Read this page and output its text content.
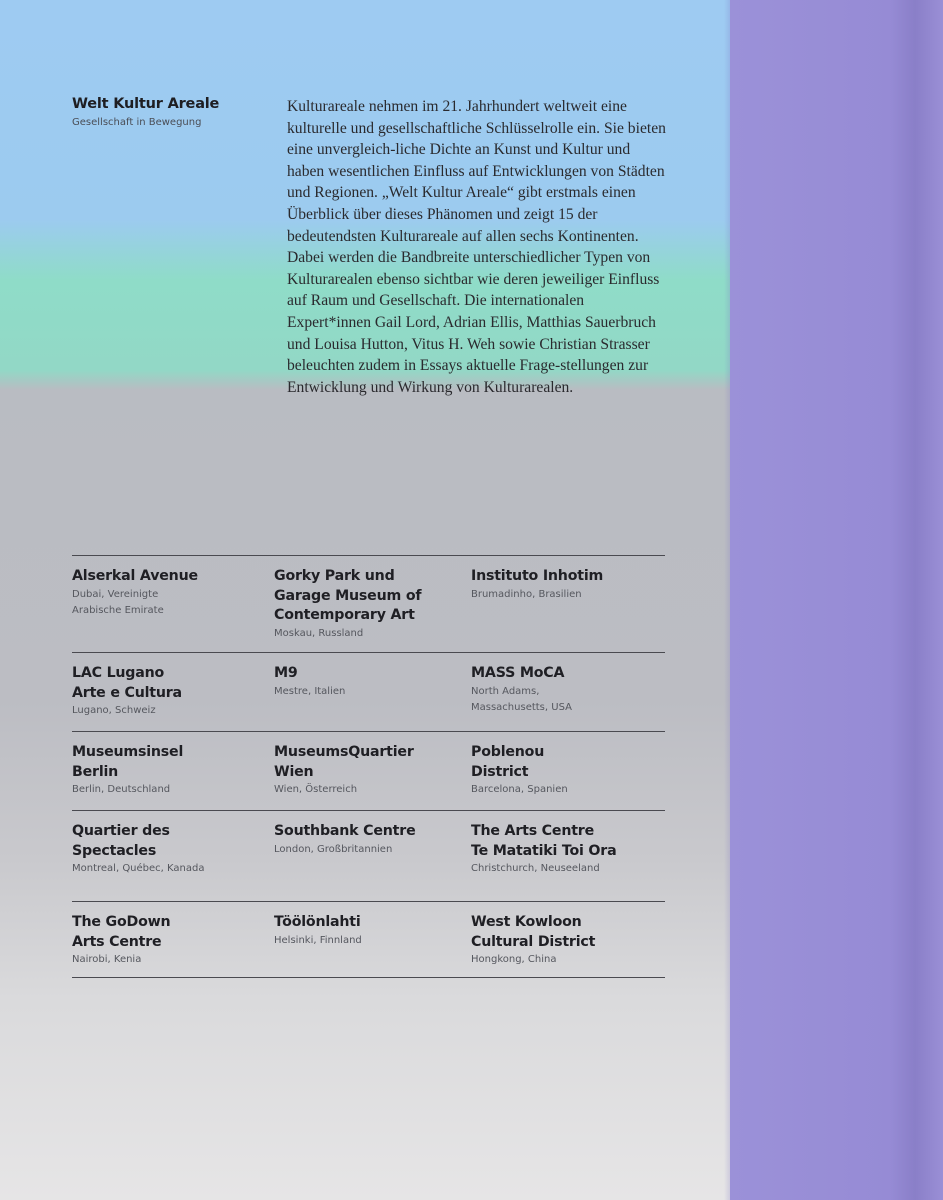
Welt Kultur Areale
Gesellschaft in Bewegung

Kulturareale nehmen im 21. Jahrhundert weltweit eine kulturelle und gesellschaftliche Schlüsselrolle ein. Sie bieten eine unvergleich-liche Dichte an Kunst und Kultur und haben wesentlichen Einfluss auf Entwicklungen von Städten und Regionen. „Welt Kultur Areale“ gibt erstmals einen Überblick über dieses Phänomen und zeigt 15 der bedeutendsten Kulturareale auf allen sechs Kontinenten. Dabei werden die Bandbreite unterschiedlicher Typen von Kulturarealen ebenso sichtbar wie deren jeweiliger Einfluss auf Raum und Gesellschaft. Die internationalen Expert*innen Gail Lord, Adrian Ellis, Matthias Sauerbruch und Louisa Hutton, Vitus H. Weh sowie Christian Strasser beleuchten zudem in Essays aktuelle Frage-stellungen zur Entwicklung und Wirkung von Kulturarealen.

Alserkal Avenue
Dubai, Vereinigte
Arabische Emirate
Gorky Park und
Garage Museum of
Contemporary Art
Moskau, Russland
Instituto Inhotim
Brumadinho, Brasilien
LAC Lugano
Arte e Cultura
Lugano, Schweiz
M9
Mestre, Italien
MASS MoCA
North Adams,
Massachusetts, USA
Museumsinsel
Berlin
Berlin, Deutschland
MuseumsQuartier
Wien
Wien, Österreich
Poblenou
District
Barcelona, Spanien
Quartier des
Spectacles
Montreal, Québec, Kanada
Southbank Centre
London, Großbritannien
The Arts Centre
Te Matatiki Toi Ora
Christchurch, Neuseeland
The GoDown
Arts Centre
Nairobi, Kenia
Töölönlahti
Helsinki, Finnland
West Kowloon
Cultural District
Hongkong, China
